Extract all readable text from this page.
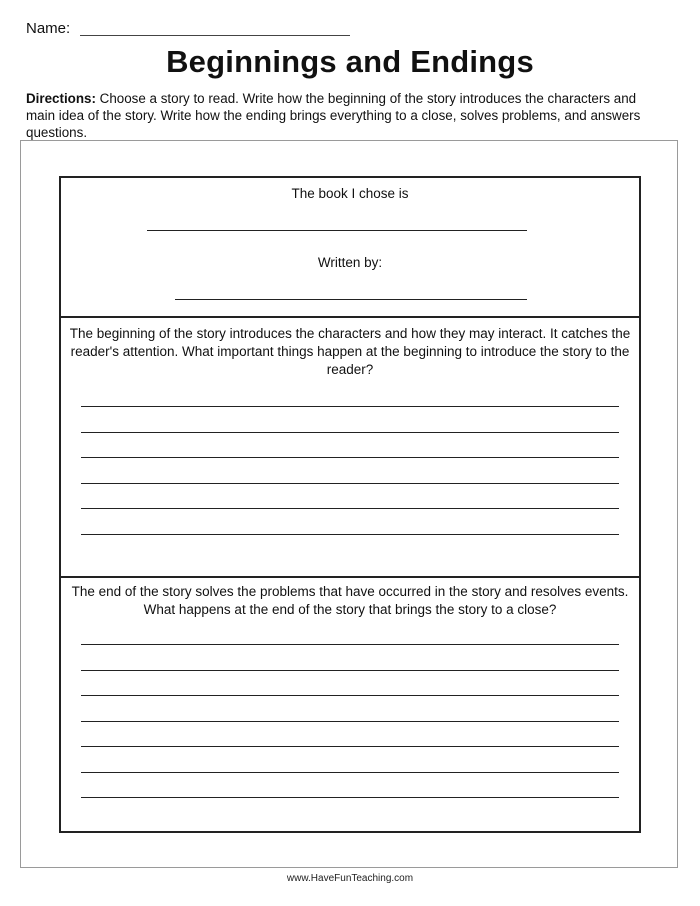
Name:
Beginnings and Endings
Directions: Choose a story to read. Write how the beginning of the story introduces the characters and main idea of the story. Write how the ending brings everything to a close, solves problems, and answers questions.
The book I chose is
Written by:
The beginning of the story introduces the characters and how they may interact. It catches the reader's attention. What important things happen at the beginning to introduce the story to the reader?
The end of the story solves the problems that have occurred in the story and resolves events. What happens at the end of the story that brings the story to a close?
www.HaveFunTeaching.com
